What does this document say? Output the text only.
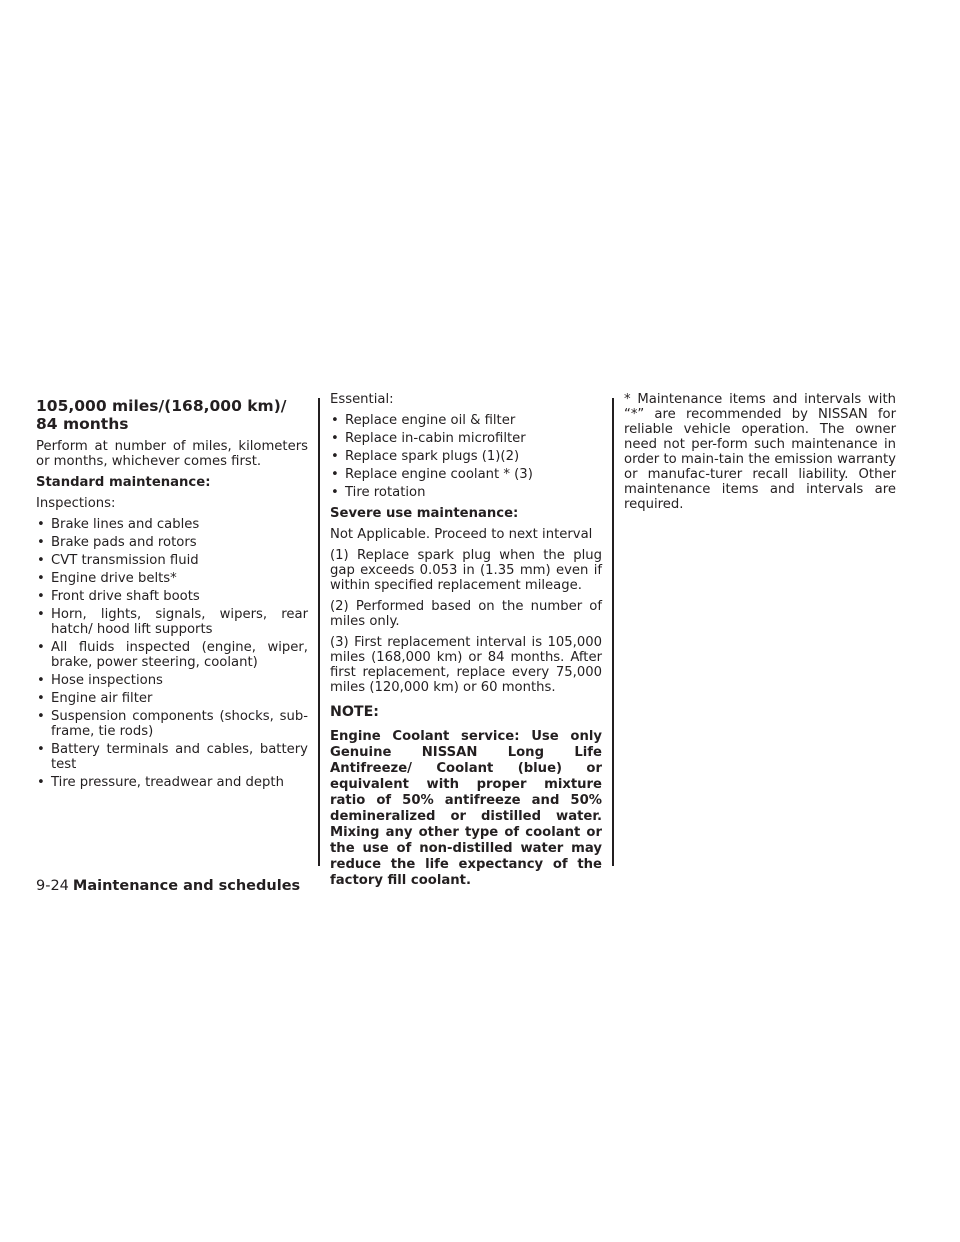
105,000 miles/(168,000 km)/
84 months

Perform at number of miles, kilometers or months, whichever comes first.

Standard maintenance:

Inspections:

• Brake lines and cables
• Brake pads and rotors
• CVT transmission fluid
• Engine drive belts*
• Front drive shaft boots
• Horn, lights, signals, wipers, rear hatch/ hood lift supports
• All fluids inspected (engine, wiper, brake, power steering, coolant)
• Hose inspections
• Engine air filter
• Suspension components (shocks, sub-frame, tie rods)
• Battery terminals and cables, battery test
• Tire pressure, treadwear and depth

Essential:

• Replace engine oil & filter
• Replace in-cabin microfilter
• Replace spark plugs (1)(2)
• Replace engine coolant * (3)
• Tire rotation

Severe use maintenance:

Not Applicable. Proceed to next interval

(1) Replace spark plug when the plug gap exceeds 0.053 in (1.35 mm) even if within specified replacement mileage.

(2) Performed based on the number of miles only.

(3) First replacement interval is 105,000 miles (168,000 km) or 84 months. After first replacement, replace every 75,000 miles (120,000 km) or 60 months.

NOTE:

Engine Coolant service: Use only Genuine NISSAN Long Life Antifreeze/ Coolant (blue) or equivalent with proper mixture ratio of 50% antifreeze and 50% demineralized or distilled water. Mixing any other type of coolant or the use of non-distilled water may reduce the life expectancy of the factory fill coolant.

* Maintenance items and intervals with “*” are recommended by NISSAN for reliable vehicle operation. The owner need not per-form such maintenance in order to main-tain the emission warranty or manufac-turer recall liability. Other maintenance items and intervals are required.

9-24 Maintenance and schedules
